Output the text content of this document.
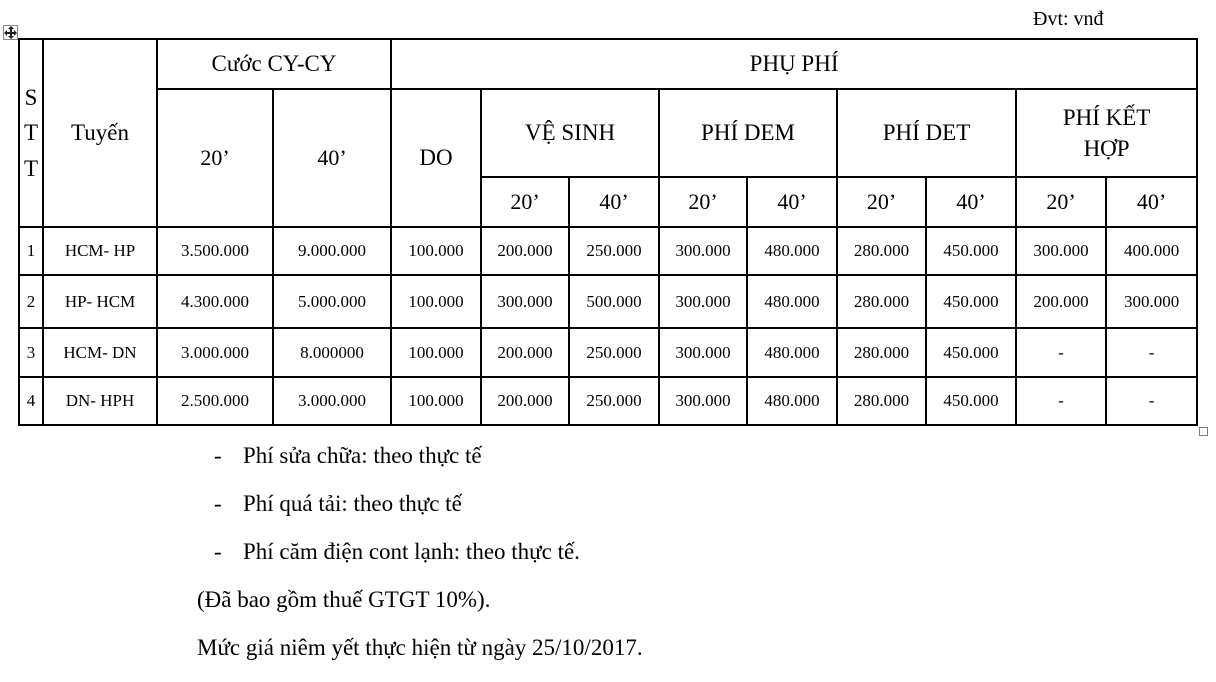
Đvt: vnđ
STT	Tuyến	Cước CY-CY		PHỤ PHÍ								
		20’	40’	DO	VỆ SINH		PHÍ DEM		PHÍ DET		PHÍ KẾT HỢP	
					20’	40’	20’	40’	20’	40’	20’	40’
1	HCM- HP	3.500.000	9.000.000	100.000	200.000	250.000	300.000	480.000	280.000	450.000	300.000	400.000
2	HP- HCM	4.300.000	5.000.000	100.000	300.000	500.000	300.000	480.000	280.000	450.000	200.000	300.000
3	HCM- DN	3.000.000	8.000000	100.000	200.000	250.000	300.000	480.000	280.000	450.000	-	-
4	DN- HPH	2.500.000	3.000.000	100.000	200.000	250.000	300.000	480.000	280.000	450.000	-	-
- Phí sửa chữa: theo thực tế
- Phí quá tải: theo thực tế
- Phí căm điện cont lạnh: theo thực tế.
(Đã bao gồm thuế GTGT 10%).
Mức giá niêm yết thực hiện từ ngày 25/10/2017.
